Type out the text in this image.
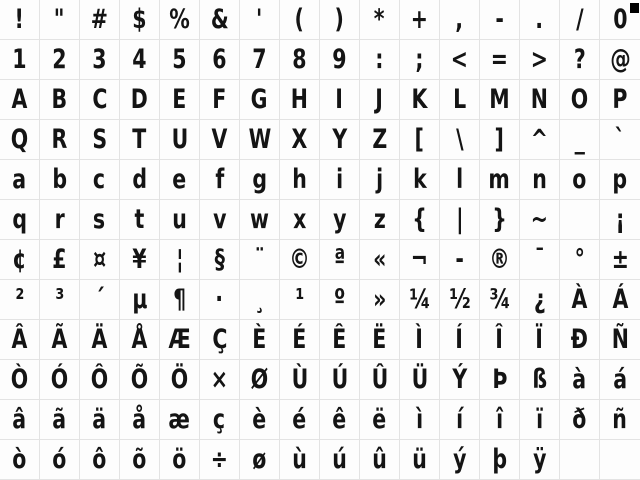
!	" # $ % &	'	(	)	* +	,	-	.	/	0
1 2 3 4 5 6 7 8 9	:	;	< = > ? @
A B C D E F G H	I	J	K L M N O P
Q R S T U V W X Y Z	[	\	] ^ _	`
a b c d e	f	g h	i	j	k	l m n o p
q	r	s	t	u v w x y	z {	|	} ~	¡
¢ £ ¤ ¥	¦	§	¨ © ª	« ¬	- ® ¯	° ±
²	³	´	µ ¶	·	¸	¹	º	» ¼ ½ ¾ ¿ À Á
Â Ã Ä Å Æ Ç È É Ê Ë	Ì	Í	Î	Ï	Ð Ñ
Ò Ó Ô Õ Ö × Ø Ù Ú Û Ü Ý Þ ß à á
â ã ä å æ ç è é ê ë	ì	í	î	ï	ð ñ
ò ó ô õ ö ÷ ø ù ú û ü ý þ ÿ
